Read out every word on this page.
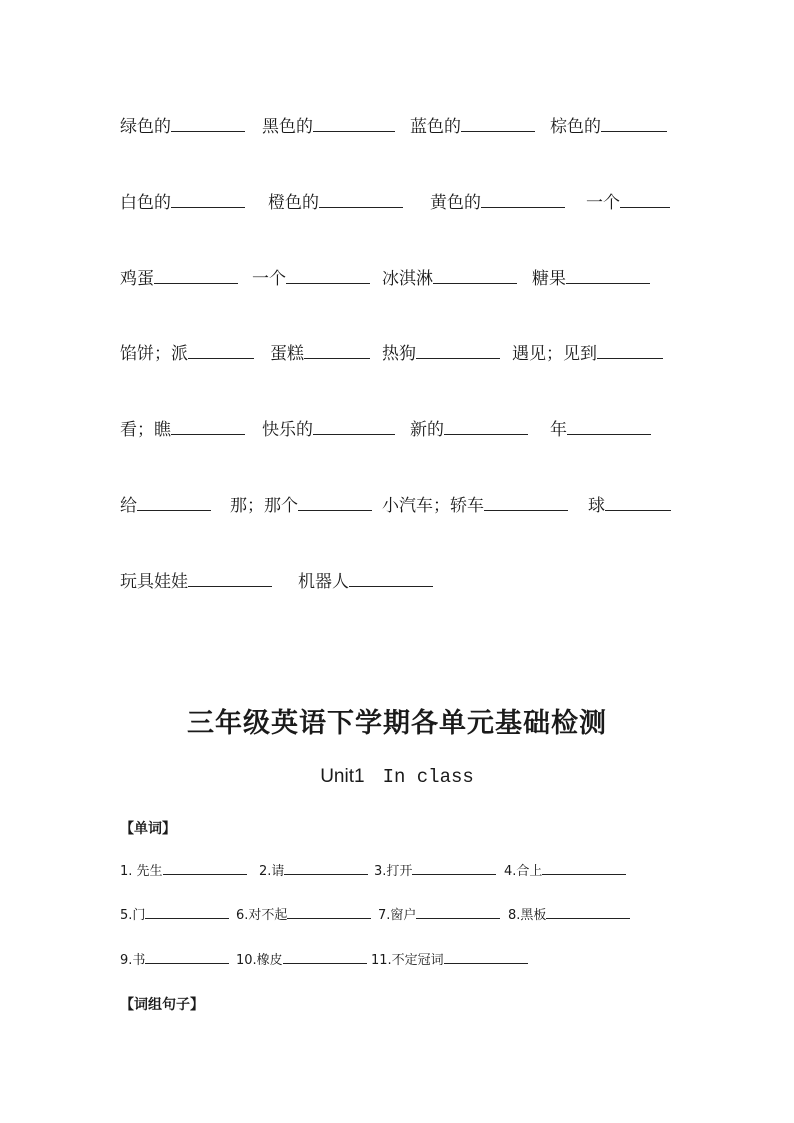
绿色的	黑色的	蓝色的	棕色的
白色的	橙色的	黄色的	一个
鸡蛋	一个	冰淇淋	糖果
馅饼；派	蛋糕	热狗	遇见；见到
看；瞧	快乐的	新的	年
给	那；那个	小汽车；轿车	球
玩具娃娃	机器人
三年级英语下学期各单元基础检测
Unit1 In class
【单词】
1. 先生	2.请	3.打开	4.合上
5.门	6.对不起	7.窗户	8.黑板
9.书	10.橡皮	11.不定冠词
【词组句子】
